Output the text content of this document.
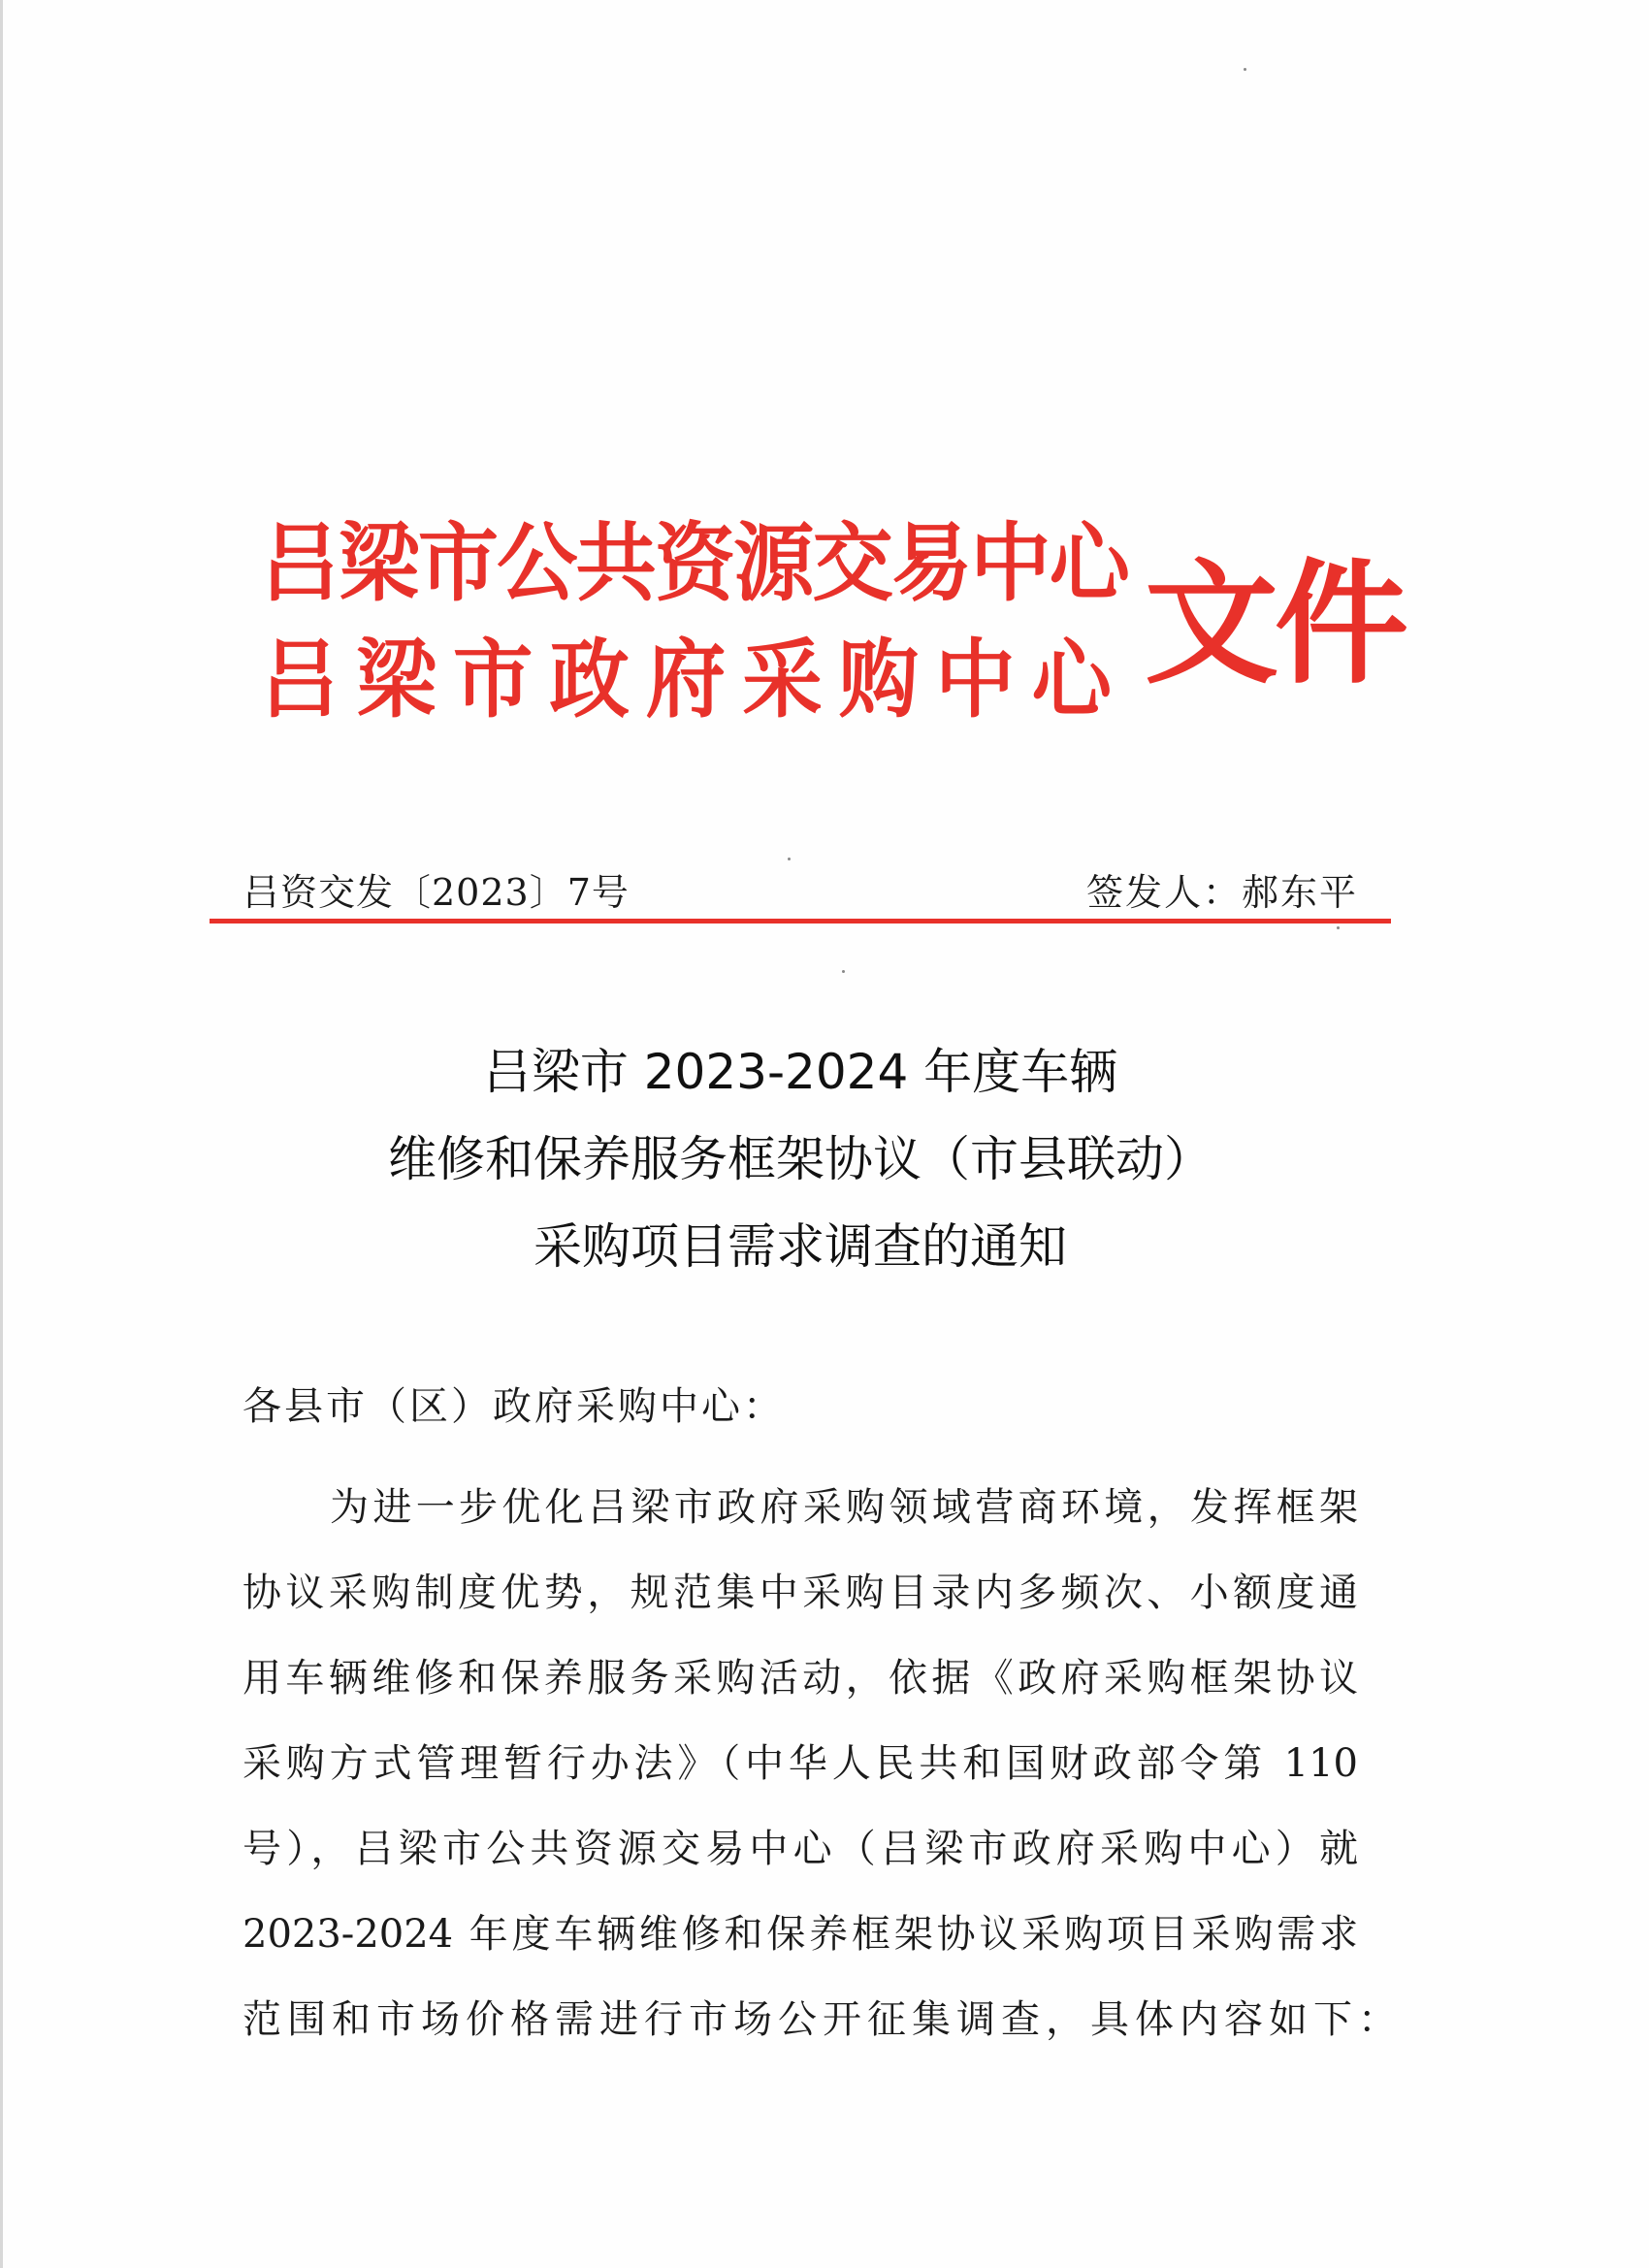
吕梁市公共资源交易中心
吕梁市政府采购中心 文件
吕资交发〔2023〕7号	签发人：郝东平
吕梁市 2023-2024 年度车辆
维修和保养服务框架协议（市县联动）
采购项目需求调查的通知
各县市（区）政府采购中心：
为进一步优化吕梁市政府采购领域营商环境，发挥框架
协议采购制度优势，规范集中采购目录内多频次、小额度通
用车辆维修和保养服务采购活动，依据《政府采购框架协议
采购方式管理暂行办法》（中华人民共和国财政部令第 110
号），吕梁市公共资源交易中心（吕梁市政府采购中心）就
2023-2024 年度车辆维修和保养框架协议采购项目采购需求
范围和市场价格需进行市场公开征集调查，具体内容如下：
